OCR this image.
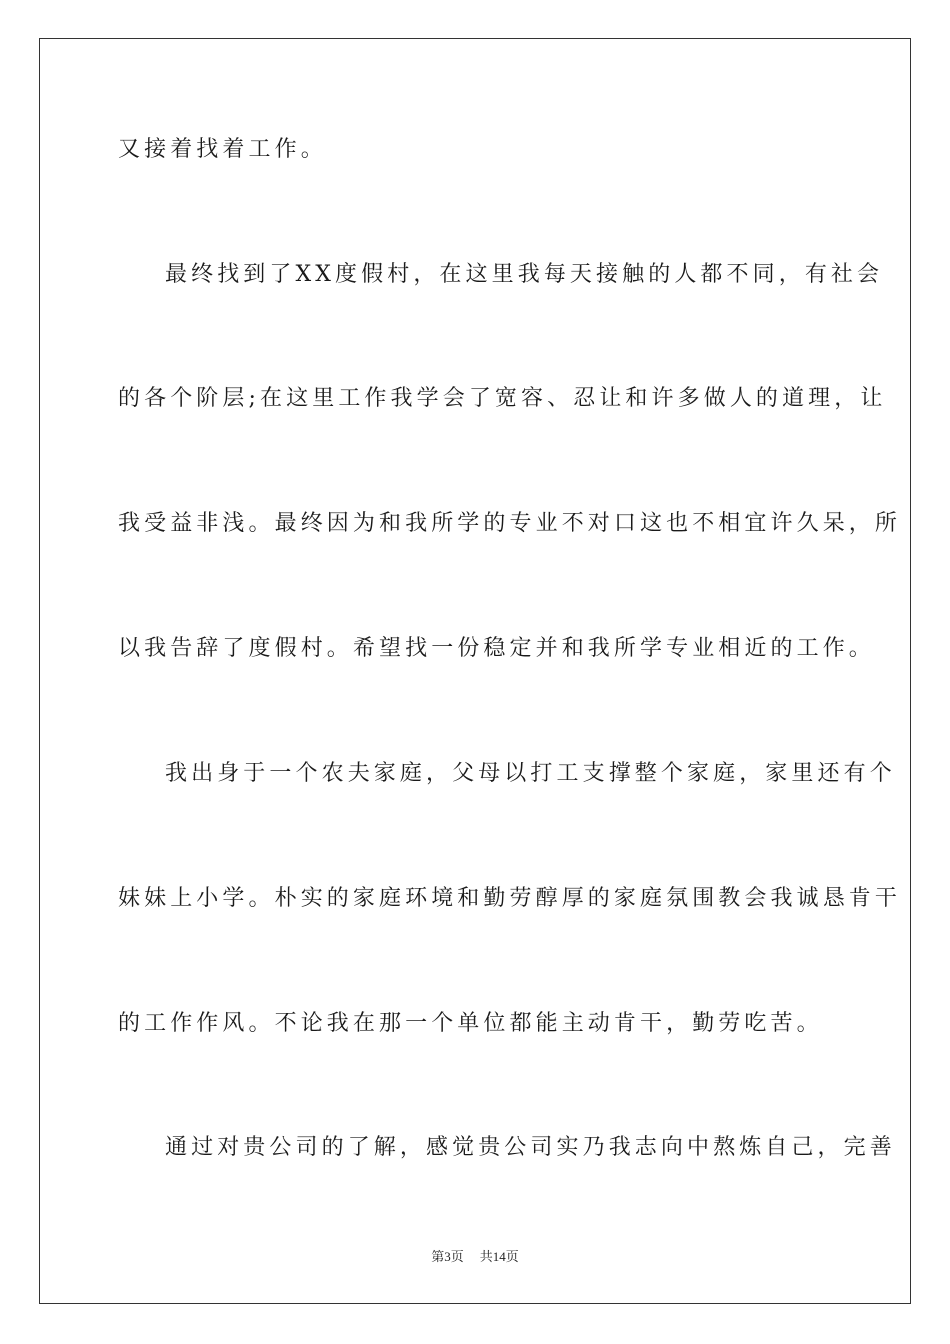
又接着找着工作。
最终找到了XX度假村，在这里我每天接触的人都不同，有社会
的各个阶层;在这里工作我学会了宽容、忍让和许多做人的道理，让
我受益非浅。最终因为和我所学的专业不对口这也不相宜许久呆，所
以我告辞了度假村。希望找一份稳定并和我所学专业相近的工作。
我出身于一个农夫家庭，父母以打工支撑整个家庭，家里还有个
妹妹上小学。朴实的家庭环境和勤劳醇厚的家庭氛围教会我诚恳肯干
的工作作风。不论我在那一个单位都能主动肯干，勤劳吃苦。
通过对贵公司的了解，感觉贵公司实乃我志向中熬炼自己，完善
第3页 共14页
